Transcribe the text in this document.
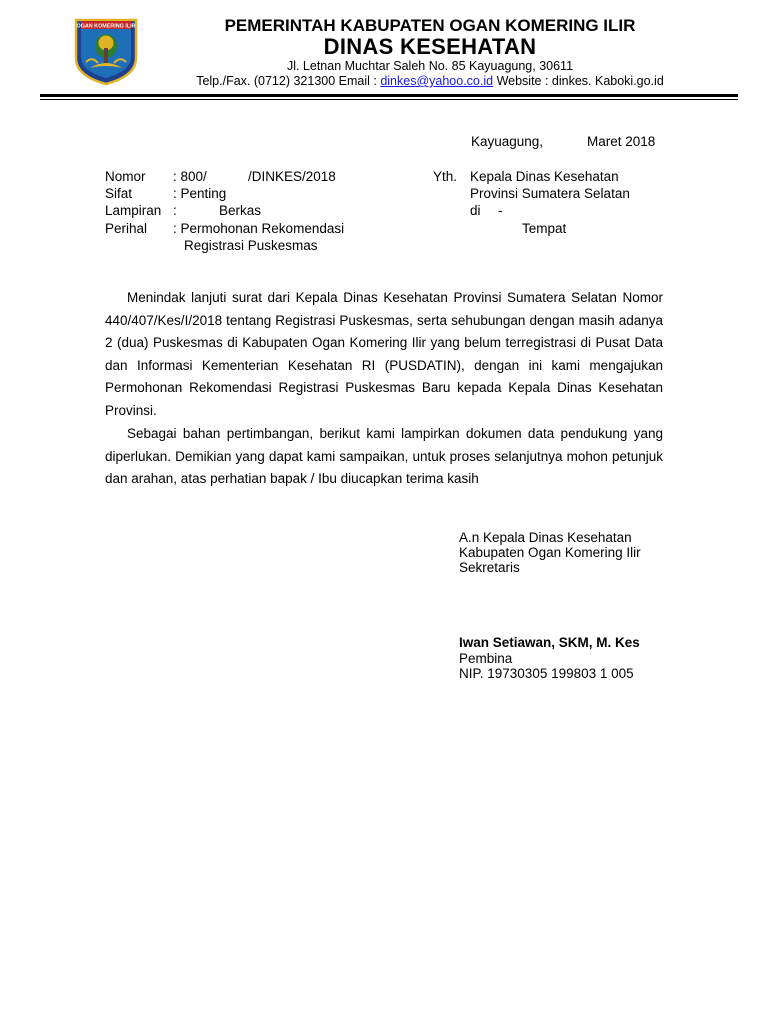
OGAN KOMERING ILIR	PEMERINTAH KABUPATEN OGAN KOMERING ILIR
DINAS KESEHATAN
Jl. Letnan Muchtar Saleh No. 85 Kayuagung, 30611
Telp./Fax. (0712) 321300 Email : dinkes@yahoo.co.id Website : dinkes. Kaboki.go.id
Kayuagung,	Maret 2018
Nomor : 800/	/DINKES/2018
Sifat	: Penting
Lampiran :	Berkas
Perihal : Permohonan Rekomendasi
Registrasi Puskesmas
Yth. Kepala Dinas Kesehatan
Provinsi Sumatera Selatan
di -
Tempat

Menindak lanjuti surat dari Kepala Dinas Kesehatan Provinsi Sumatera Selatan Nomor 440/407/Kes/I/2018 tentang Registrasi Puskesmas, serta sehubungan dengan masih adanya 2 (dua) Puskesmas di Kabupaten Ogan Komering Ilir yang belum terregistrasi di Pusat Data dan Informasi Kementerian Kesehatan RI (PUSDATIN), dengan ini kami mengajukan Permohonan Rekomendasi Registrasi Puskesmas Baru kepada Kepala Dinas Kesehatan Provinsi.

Sebagai bahan pertimbangan, berikut kami lampirkan dokumen data pendukung yang diperlukan. Demikian yang dapat kami sampaikan, untuk proses selanjutnya mohon petunjuk dan arahan, atas perhatian bapak / Ibu diucapkan terima kasih

A.n Kepala Dinas Kesehatan
Kabupaten Ogan Komering Ilir
Sekretaris
Iwan Setiawan, SKM, M. Kes
Pembina
NIP. 19730305 199803 1 005
